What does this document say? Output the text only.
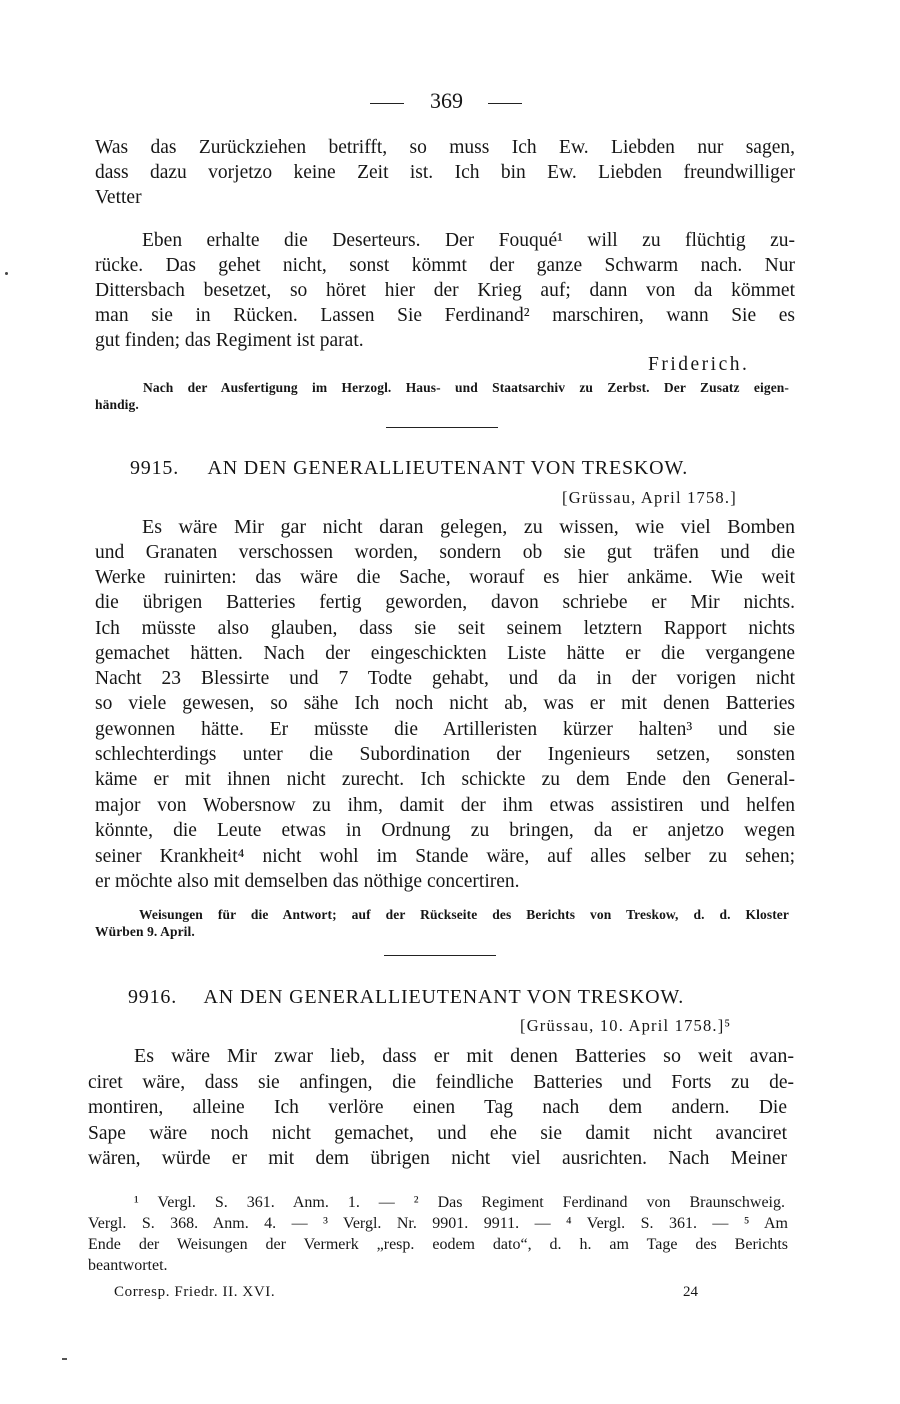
369
Was das Zurückziehen betrifft, so muss Ich Ew. Liebden nur sagen,
dass dazu vorjetzo keine Zeit ist. Ich bin Ew. Liebden freundwilliger
Vetter
Eben erhalte die Deserteurs. Der Fouqué¹ will zu flüchtig zu-
rücke. Das gehet nicht, sonst kömmt der ganze Schwarm nach. Nur
Dittersbach besetzet, so höret hier der Krieg auf; dann von da kömmet
man sie in Rücken. Lassen Sie Ferdinand² marschiren, wann Sie es
gut finden; das Regiment ist parat.
Friderich.
Nach der Ausfertigung im Herzogl. Haus- und Staatsarchiv zu Zerbst. Der Zusatz eigen-
händig.
9915. AN DEN GENERALLIEUTENANT VON TRESKOW.
[Grüssau, April 1758.]
Es wäre Mir gar nicht daran gelegen, zu wissen, wie viel Bomben
und Granaten verschossen worden, sondern ob sie gut träfen und die
Werke ruinirten: das wäre die Sache, worauf es hier ankäme. Wie weit
die übrigen Batteries fertig geworden, davon schriebe er Mir nichts.
Ich müsste also glauben, dass sie seit seinem letztern Rapport nichts
gemachet hätten. Nach der eingeschickten Liste hätte er die vergangene
Nacht 23 Blessirte und 7 Todte gehabt, und da in der vorigen nicht
so viele gewesen, so sähe Ich noch nicht ab, was er mit denen Batteries
gewonnen hätte. Er müsste die Artilleristen kürzer halten³ und sie
schlechterdings unter die Subordination der Ingenieurs setzen, sonsten
käme er mit ihnen nicht zurecht. Ich schickte zu dem Ende den General-
major von Wobersnow zu ihm, damit der ihm etwas assistiren und helfen
könnte, die Leute etwas in Ordnung zu bringen, da er anjetzo wegen
seiner Krankheit⁴ nicht wohl im Stande wäre, auf alles selber zu sehen;
er möchte also mit demselben das nöthige concertiren.
Weisungen für die Antwort; auf der Rückseite des Berichts von Treskow, d. d. Kloster
Würben 9. April.
9916. AN DEN GENERALLIEUTENANT VON TRESKOW.
[Grüssau, 10. April 1758.]⁵
Es wäre Mir zwar lieb, dass er mit denen Batteries so weit avan-
ciret wäre, dass sie anfingen, die feindliche Batteries und Forts zu de-
montiren, alleine Ich verlöre einen Tag nach dem andern. Die
Sape wäre noch nicht gemachet, und ehe sie damit nicht avanciret
wären, würde er mit dem übrigen nicht viel ausrichten. Nach Meiner
¹ Vergl. S. 361. Anm. 1. — ² Das Regiment Ferdinand von Braunschweig.
Vergl. S. 368. Anm. 4. — ³ Vergl. Nr. 9901. 9911. — ⁴ Vergl. S. 361. — ⁵ Am
Ende der Weisungen der Vermerk „resp. eodem dato“, d. h. am Tage des Berichts
beantwortet.
Corresp. Friedr. II. XVI.	24
